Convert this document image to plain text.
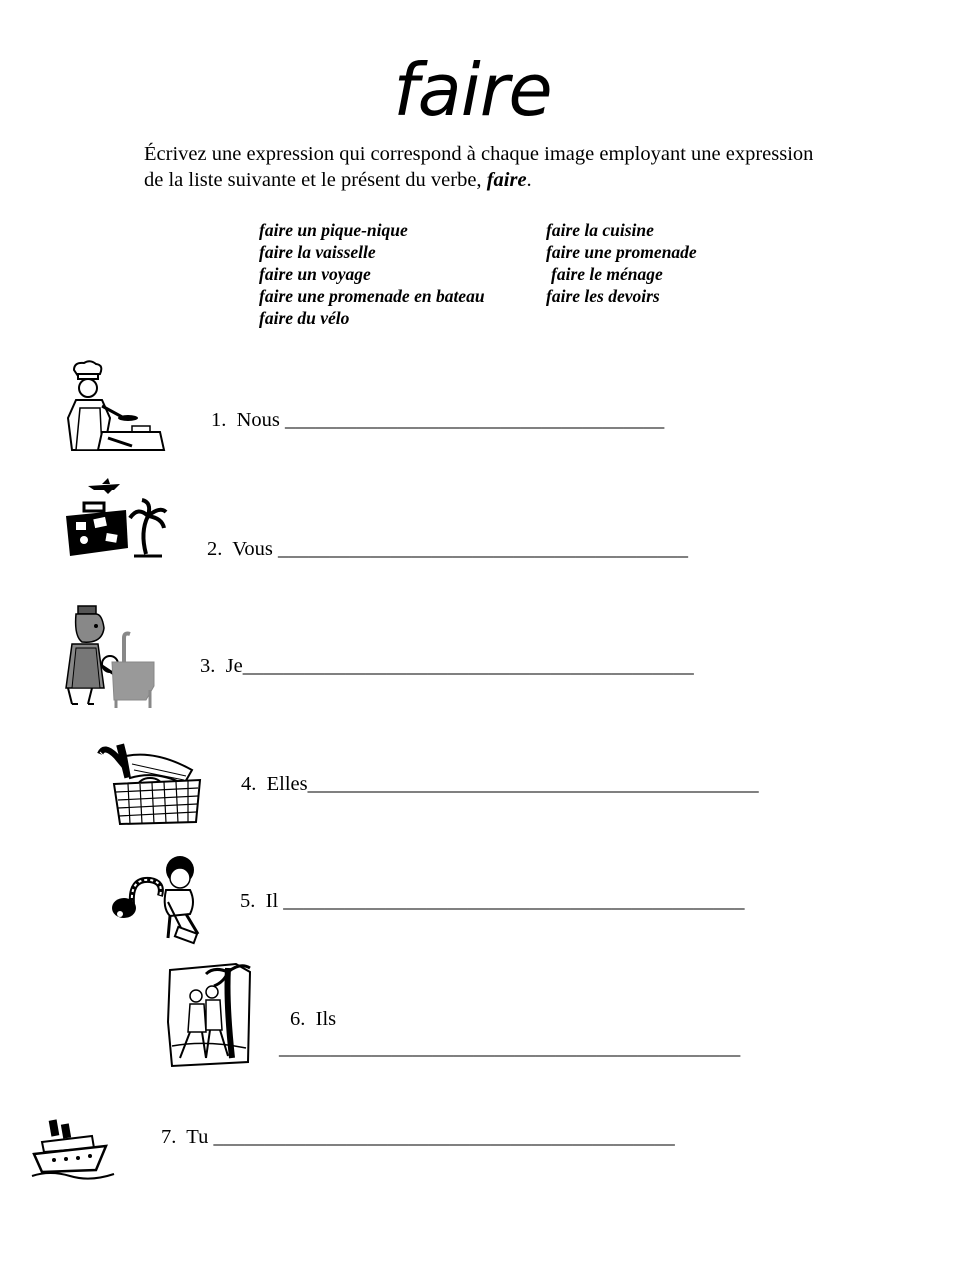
faire
Écrivez une expression qui correspond à chaque image employant une expression de la liste suivante et le présent du verbe, faire.
faire un pique-nique
faire la vaisselle
faire un voyage
faire une promenade en bateau
faire du vélo
faire la cuisine
faire une promenade
faire le ménage
faire les devoirs
1. Nous _____________________________________
2. Vous ________________________________________
3. Je____________________________________________
4. Elles____________________________________________
5. Il _____________________________________________
6. Ils
_____________________________________________
7. Tu _____________________________________________
